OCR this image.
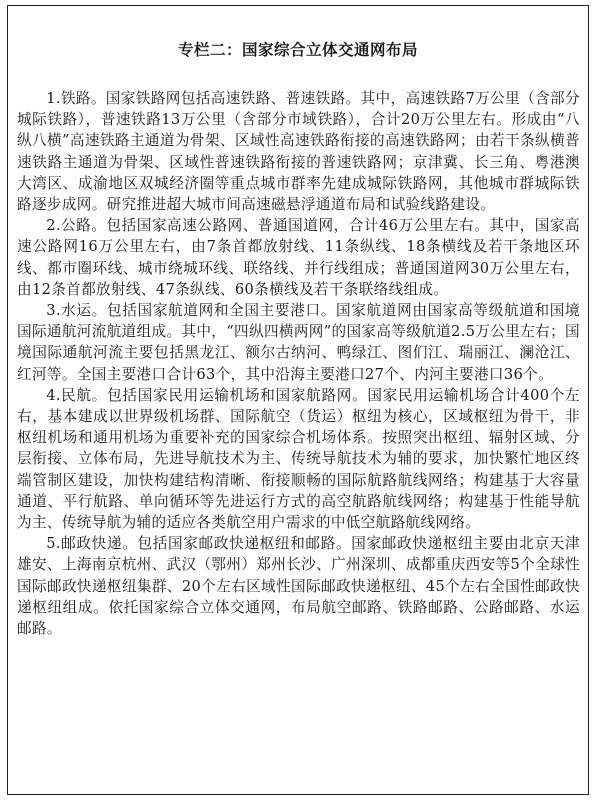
专栏二：国家综合立体交通网布局

1.铁路。国家铁路网包括高速铁路、普速铁路。其中，高速铁路7万公里（含部分城际铁路），普速铁路13万公里（含部分市域铁路），合计20万公里左右。形成由“八纵八横”高速铁路主通道为骨架、区域性高速铁路衔接的高速铁路网；由若干条纵横普速铁路主通道为骨架、区域性普速铁路衔接的普速铁路网；京津冀、长三角、粤港澳大湾区、成渝地区双城经济圈等重点城市群率先建成城际铁路网，其他城市群城际铁路逐步成网。研究推进超大城市间高速磁悬浮通道布局和试验线路建设。

2.公路。包括国家高速公路网、普通国道网，合计46万公里左右。其中，国家高速公路网16万公里左右，由7条首都放射线、11条纵线、18条横线及若干条地区环线、都市圈环线、城市绕城环线、联络线、并行线组成；普通国道网30万公里左右，由12条首都放射线、47条纵线、60条横线及若干条联络线组成。

3.水运。包括国家航道网和全国主要港口。国家航道网由国家高等级航道和国境国际通航河流航道组成。其中，“四纵四横两网”的国家高等级航道2.5万公里左右；国境国际通航河流主要包括黑龙江、额尔古纳河、鸭绿江、图们江、瑞丽江、澜沧江、红河等。全国主要港口合计63个，其中沿海主要港口27个、内河主要港口36个。

4.民航。包括国家民用运输机场和国家航路网。国家民用运输机场合计400个左右，基本建成以世界级机场群、国际航空（货运）枢纽为核心，区域枢纽为骨干，非枢纽机场和通用机场为重要补充的国家综合机场体系。按照突出枢纽、辐射区域、分层衔接、立体布局，先进导航技术为主、传统导航技术为辅的要求，加快繁忙地区终端管制区建设，加快构建结构清晰、衔接顺畅的国际航路航线网络；构建基于大容量通道、平行航路、单向循环等先进运行方式的高空航路航线网络；构建基于性能导航为主、传统导航为辅的适应各类航空用户需求的中低空航路航线网络。

5.邮政快递。包括国家邮政快递枢纽和邮路。国家邮政快递枢纽主要由北京天津雄安、上海南京杭州、武汉（鄂州）郑州长沙、广州深圳、成都重庆西安等5个全球性国际邮政快递枢纽集群、20个左右区域性国际邮政快递枢纽、45个左右全国性邮政快递枢纽组成。依托国家综合立体交通网，布局航空邮路、铁路邮路、公路邮路、水运邮路。
